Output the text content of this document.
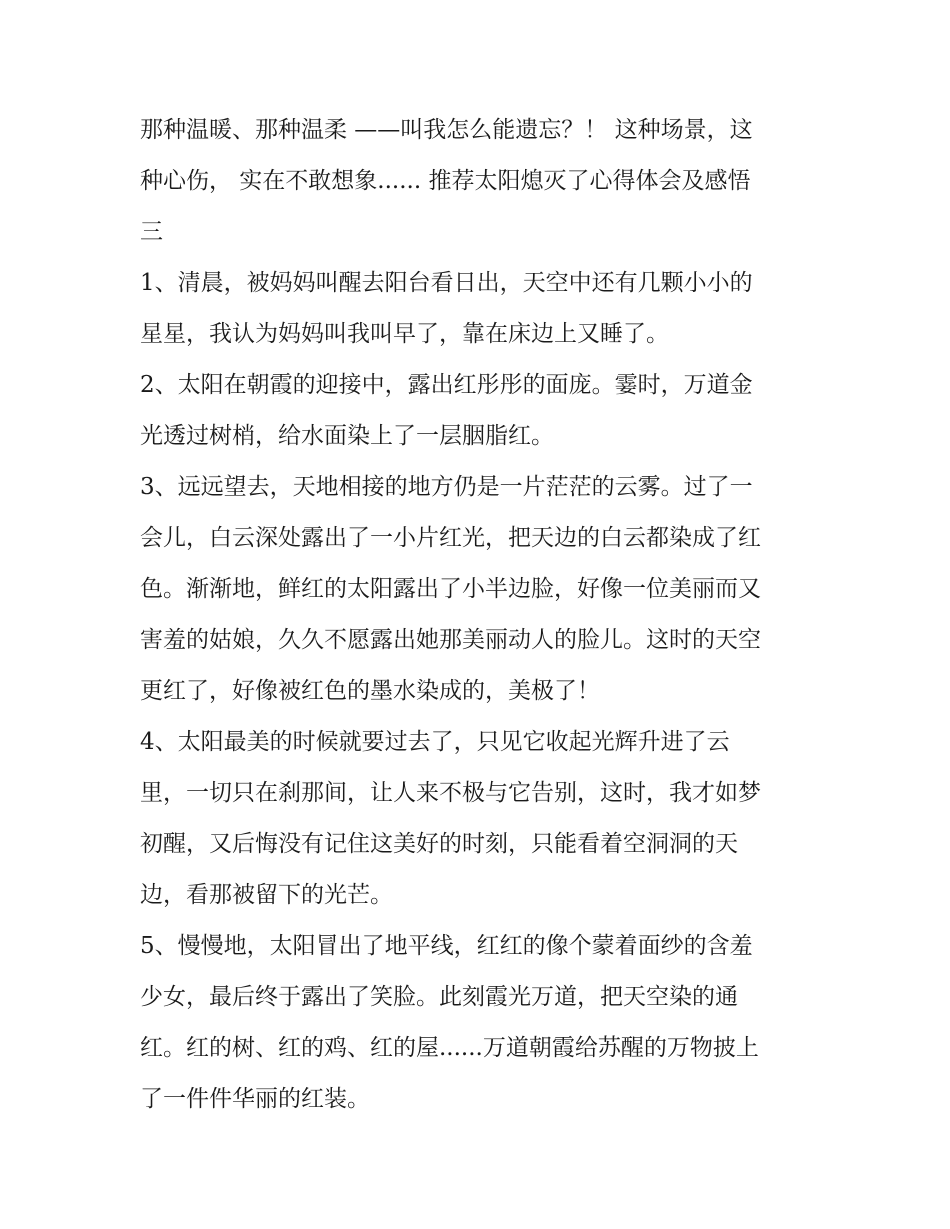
那种温暖、那种温柔 ——叫我怎么能遗忘？！ 这种场景，这
种心伤， 实在不敢想象...... 推荐太阳熄灭了心得体会及感悟
三
1、清晨，被妈妈叫醒去阳台看日出，天空中还有几颗小小的
星星，我认为妈妈叫我叫早了，靠在床边上又睡了。
2、太阳在朝霞的迎接中，露出红彤彤的面庞。霎时，万道金
光透过树梢，给水面染上了一层胭脂红。
3、远远望去，天地相接的地方仍是一片茫茫的云雾。过了一
会儿，白云深处露出了一小片红光，把天边的白云都染成了红
色。渐渐地，鲜红的太阳露出了小半边脸，好像一位美丽而又
害羞的姑娘，久久不愿露出她那美丽动人的脸儿。这时的天空
更红了，好像被红色的墨水染成的，美极了！
4、太阳最美的时候就要过去了，只见它收起光辉升进了云
里，一切只在刹那间，让人来不极与它告别，这时，我才如梦
初醒，又后悔没有记住这美好的时刻，只能看着空洞洞的天
边，看那被留下的光芒。
5、慢慢地，太阳冒出了地平线，红红的像个蒙着面纱的含羞
少女，最后终于露出了笑脸。此刻霞光万道，把天空染的通
红。红的树、红的鸡、红的屋......万道朝霞给苏醒的万物披上
了一件件华丽的红装。
